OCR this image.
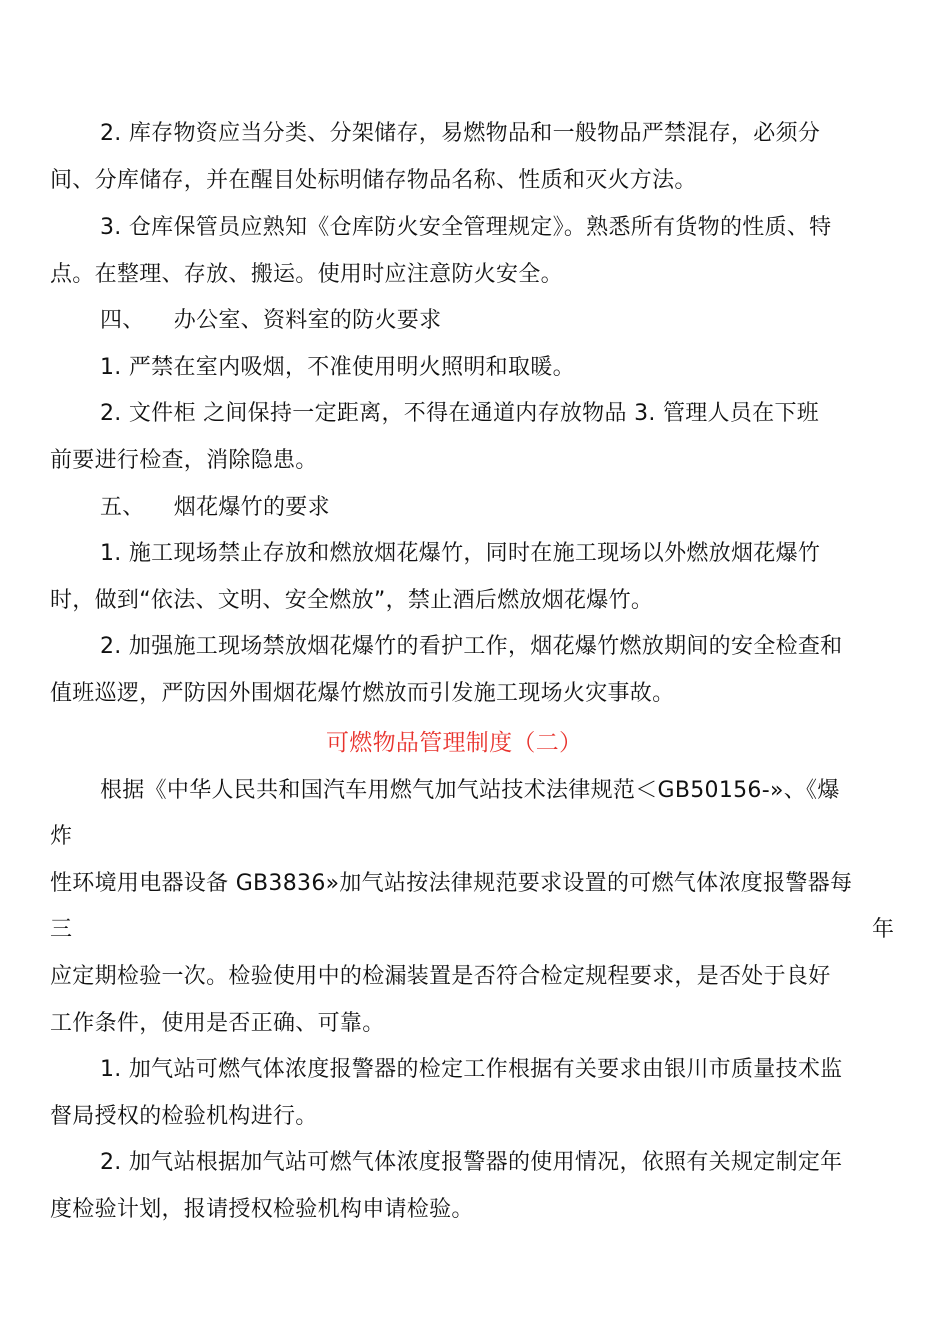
2. 库存物资应当分类、分架储存，易燃物品和一般物品严禁混存，必须分
间、分库储存，并在醒目处标明储存物品名称、性质和灭火方法。
3. 仓库保管员应熟知《仓库防火安全管理规定》。熟悉所有货物的性质、特
点。在整理、存放、搬运。使用时应注意防火安全。
四、    办公室、资料室的防火要求
1. 严禁在室内吸烟，不准使用明火照明和取暖。
2. 文件柜 之间保持一定距离，不得在通道内存放物品 3. 管理人员在下班
前要进行检查，消除隐患。
五、    烟花爆竹的要求
1. 施工现场禁止存放和燃放烟花爆竹，同时在施工现场以外燃放烟花爆竹
时，做到“依法、文明、安全燃放”，禁止酒后燃放烟花爆竹。
2. 加强施工现场禁放烟花爆竹的看护工作，烟花爆竹燃放期间的安全检查和
值班巡逻，严防因外围烟花爆竹燃放而引发施工现场火灾事故。
可燃物品管理制度（二）
根据《中华人民共和国汽车用燃气加气站技术法律规范＜GB50156-»、《爆
炸
性环境用电器设备 GB3836»加气站按法律规范要求设置的可燃气体浓度报警器每
三	年
应定期检验一次。检验使用中的检漏装置是否符合检定规程要求，是否处于良好
工作条件，使用是否正确、可靠。
1. 加气站可燃气体浓度报警器的检定工作根据有关要求由银川市质量技术监
督局授权的检验机构进行。
2. 加气站根据加气站可燃气体浓度报警器的使用情况，依照有关规定制定年
度检验计划，报请授权检验机构申请检验。
